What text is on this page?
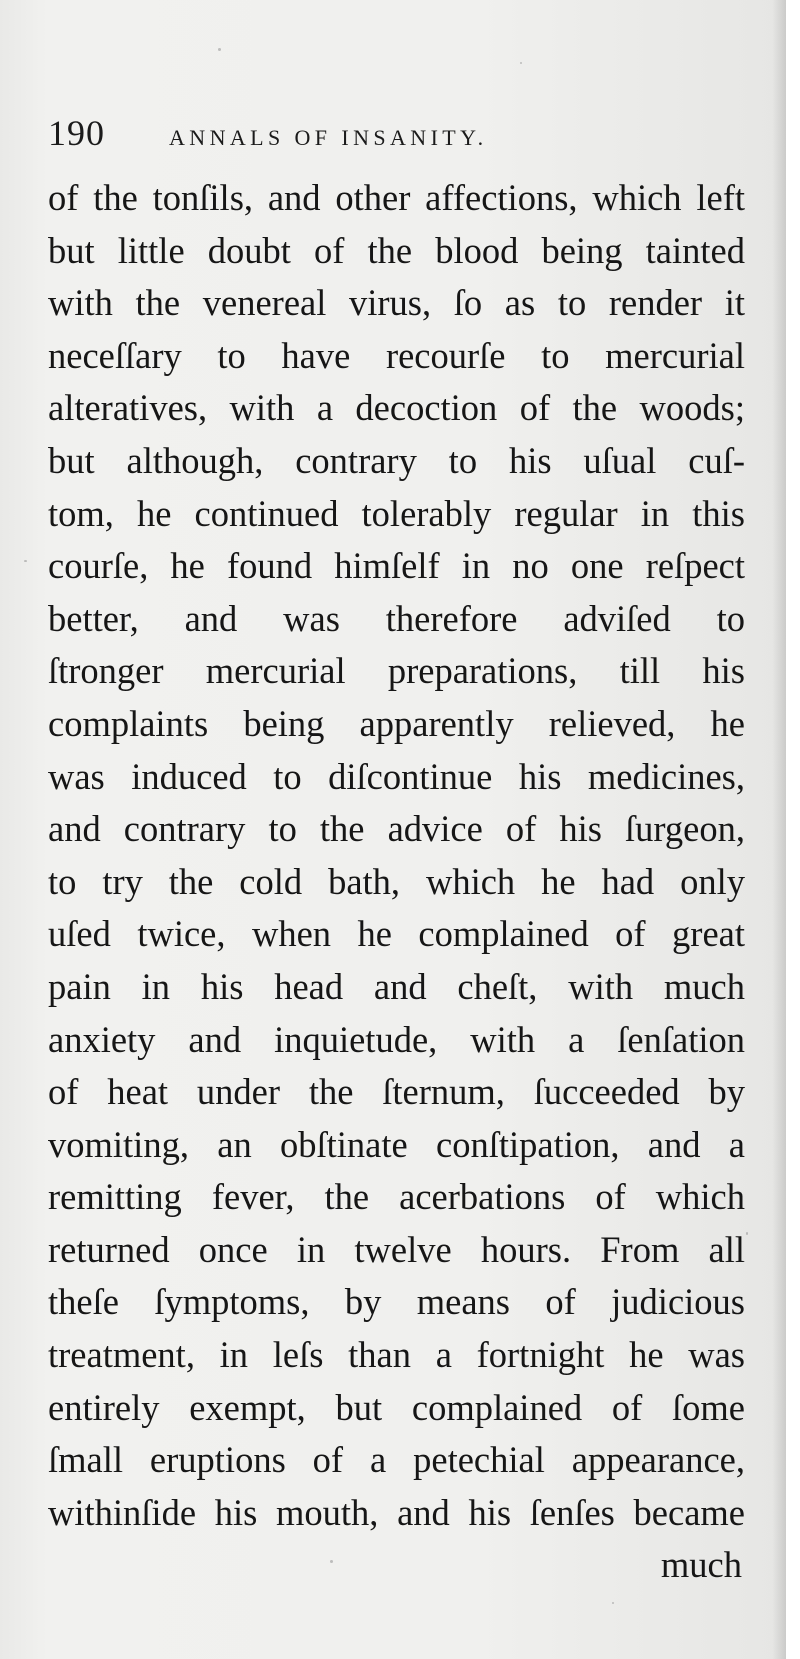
190	ANNALS OF INSANITY.
of the tonſils, and other affections, which left
but little doubt of the blood being tainted
with the venereal virus, ſo as to render it
neceſſary to have recourſe to mercurial
alteratives, with a decoction of the woods;
but although, contrary to his uſual cuſ-
tom, he continued tolerably regular in this
courſe, he found himſelf in no one reſpect
better, and was therefore adviſed to
ſtronger mercurial preparations, till his
complaints being apparently relieved, he
was induced to diſcontinue his medicines,
and contrary to the advice of his ſurgeon,
to try the cold bath, which he had only
uſed twice, when he complained of great
pain in his head and cheſt, with much
anxiety and inquietude, with a ſenſation
of heat under the ſternum, ſucceeded by
vomiting, an obſtinate conſtipation, and a
remitting fever, the acerbations of which
returned once in twelve hours. From all
theſe ſymptoms, by means of judicious
treatment, in leſs than a fortnight he was
entirely exempt, but complained of ſome
ſmall eruptions of a petechial appearance,
withinſide his mouth, and his ſenſes became
much
